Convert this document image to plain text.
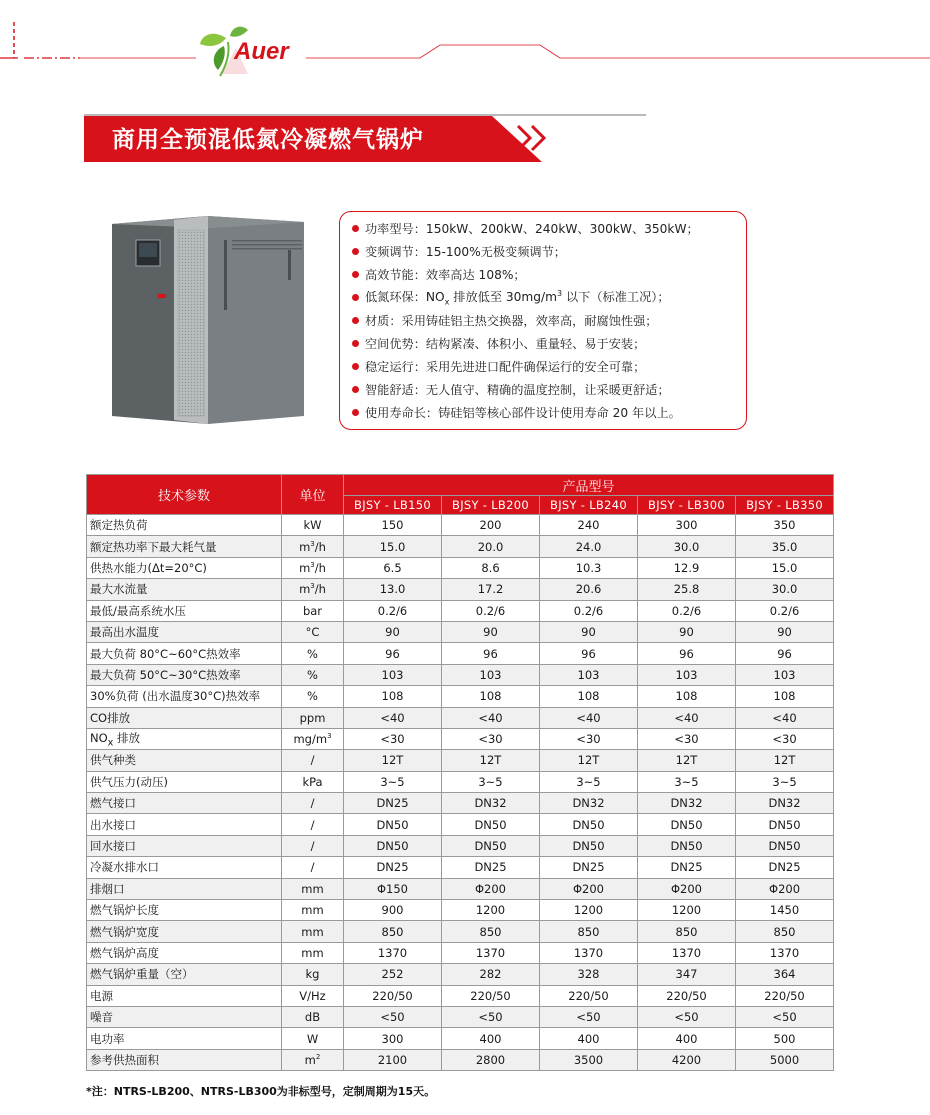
Auer
商用全预混低氮冷凝燃气锅炉
功率型号：150kW、200kW、240kW、300kW、350kW；
变频调节：15-100%无极变频调节；
高效节能：效率高达 108%；
低氮环保：$NO_x$ 排放低至 $30mg/m^3$ 以下（标准工况）；
材质：采用铸硅铝主热交换器，效率高，耐腐蚀性强；
空间优势：结构紧凑、体积小、重量轻、易于安装；
稳定运行：采用先进进口配件确保运行的安全可靠；
智能舒适：无人值守、精确的温度控制，让采暖更舒适；
使用寿命长：铸硅铝等核心部件设计使用寿命 20 年以上。
技术参数	单位	产品型号				
		BJSY - LB150	BJSY - LB200	BJSY - LB240	BJSY - LB300	BJSY - LB350
额定热负荷	kW	150	200	240	300	350
额定热功率下最大耗气量	$m^3/h$	15.0	20.0	24.0	30.0	35.0
供热水能力(Δt=20°C)	$m^3/h$	6.5	8.6	10.3	12.9	15.0
最大水流量	$m^3/h$	13.0	17.2	20.6	25.8	30.0
最低/最高系统水压	bar	0.2/6	0.2/6	0.2/6	0.2/6	0.2/6
最高出水温度	°C	90	90	90	90	90
最大负荷 80°C~60°C热效率	%	96	96	96	96	96
最大负荷 50°C~30°C热效率	%	103	103	103	103	103
30%负荷 (出水温度30°C)热效率	%	108	108	108	108	108
CO排放	ppm	<40	<40	<40	<40	<40
$NO_x$ 排放	$mg/m^3$	<30	<30	<30	<30	<30
供气种类	/	12T	12T	12T	12T	12T
供气压力(动压)	kPa	3~5	3~5	3~5	3~5	3~5
燃气接口	/	DN25	DN32	DN32	DN32	DN32
出水接口	/	DN50	DN50	DN50	DN50	DN50
回水接口	/	DN50	DN50	DN50	DN50	DN50
冷凝水排水口	/	DN25	DN25	DN25	DN25	DN25
排烟口	mm	Φ150	Φ200	Φ200	Φ200	Φ200
燃气锅炉长度	mm	900	1200	1200	1200	1450
燃气锅炉宽度	mm	850	850	850	850	850
燃气锅炉高度	mm	1370	1370	1370	1370	1370
燃气锅炉重量（空）	kg	252	282	328	347	364
电源	V/Hz	220/50	220/50	220/50	220/50	220/50
噪音	dB	<50	<50	<50	<50	<50
电功率	W	300	400	400	400	500
参考供热面积	$m^2$	2100	2800	3500	4200	5000
*注：NTRS-LB200、NTRS-LB300为非标型号，定制周期为15天。
